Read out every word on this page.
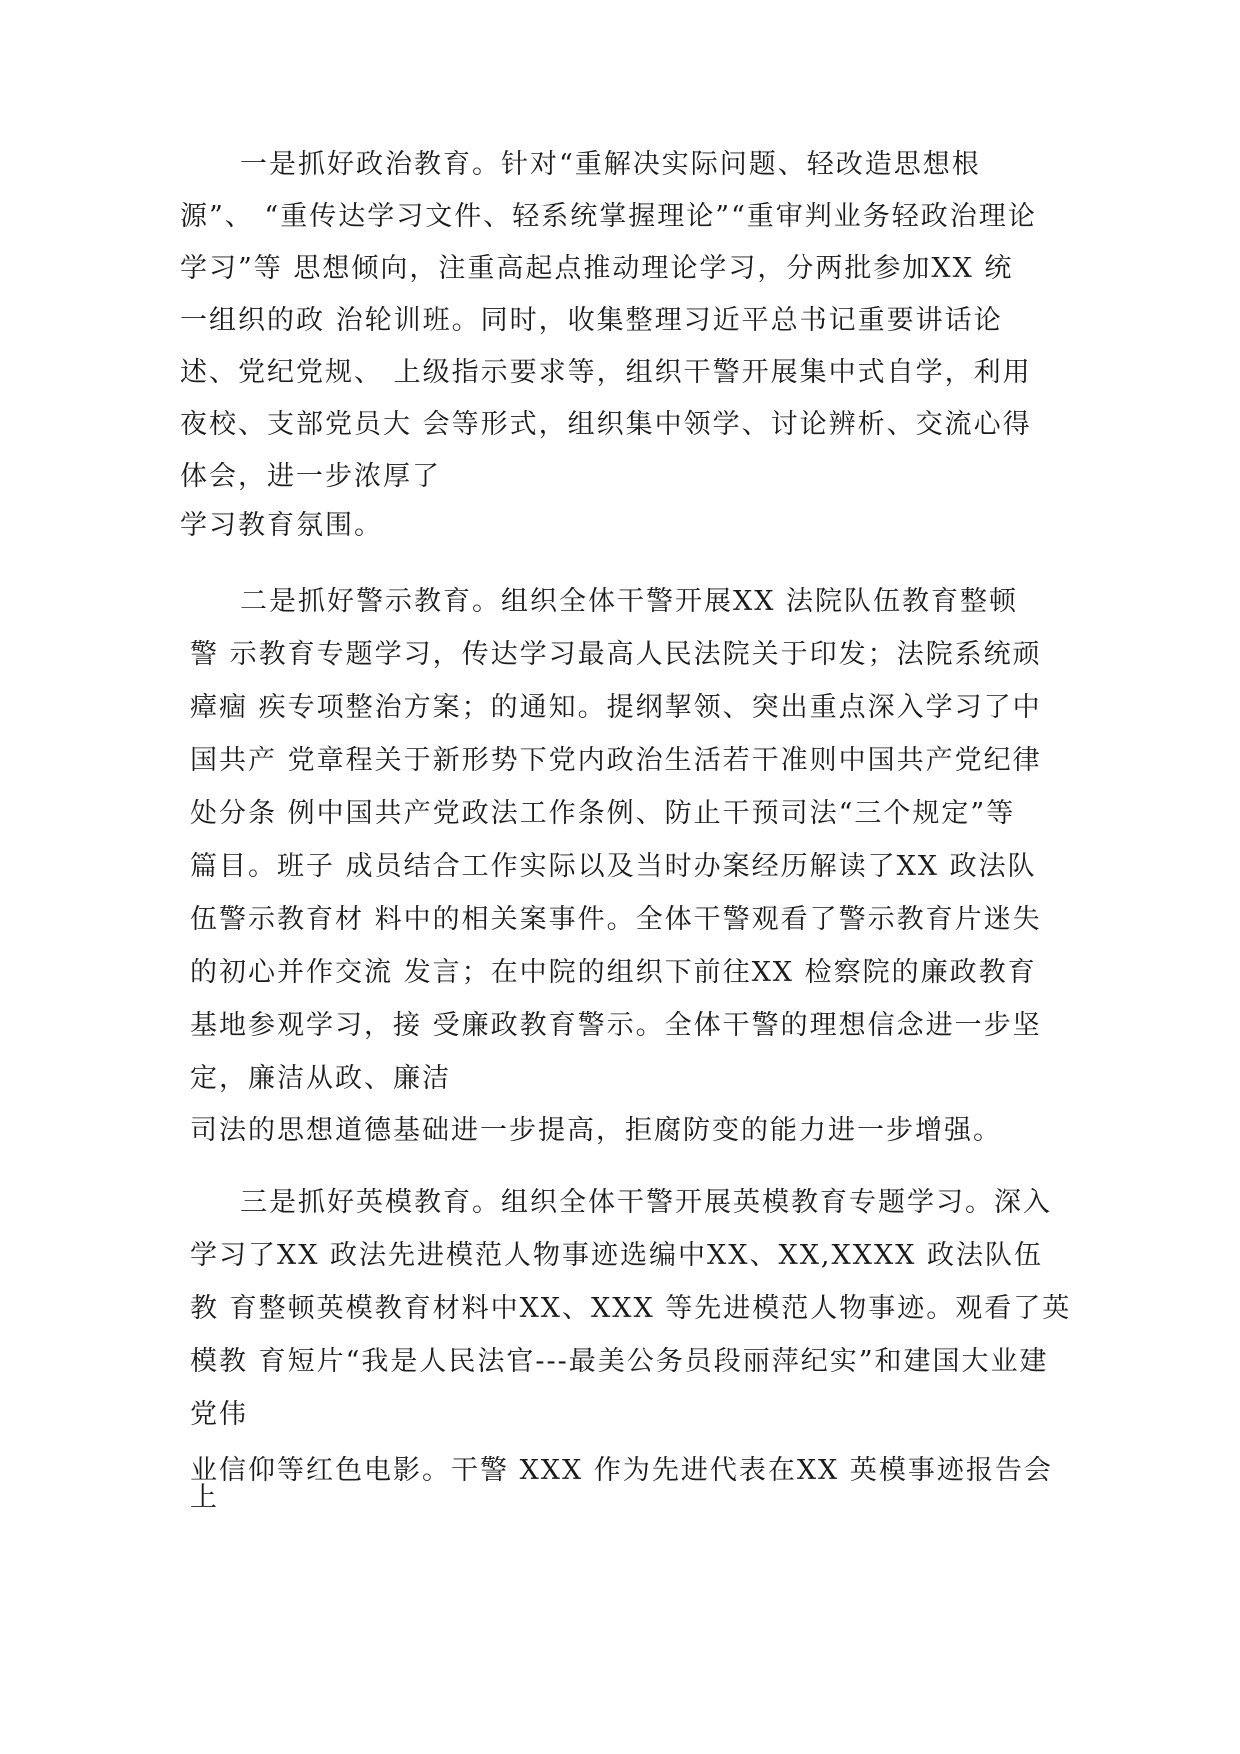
一是抓好政治教育。针对“重解决实际问题、轻改造思想根
源”、 “重传达学习文件、轻系统掌握理论”“重审判业务轻政治理论
学习”等 思想倾向，注重高起点推动理论学习，分两批参加XX 统
一组织的政 治轮训班。同时，收集整理习近平总书记重要讲话论
述、党纪党规、 上级指示要求等，组织干警开展集中式自学，利用
夜校、支部党员大 会等形式，组织集中领学、讨论辨析、交流心得
体会，进一步浓厚了
学习教育氛围。
二是抓好警示教育。组织全体干警开展XX 法院队伍教育整顿
警 示教育专题学习，传达学习最高人民法院关于印发；法院系统顽
瘴痼 疾专项整治方案；的通知。提纲挈领、突出重点深入学习了中
国共产 党章程关于新形势下党内政治生活若干准则中国共产党纪律
处分条 例中国共产党政法工作条例、防止干预司法“三个规定”等
篇目。班子 成员结合工作实际以及当时办案经历解读了XX 政法队
伍警示教育材 料中的相关案事件。全体干警观看了警示教育片迷失
的初心并作交流 发言；在中院的组织下前往XX 检察院的廉政教育
基地参观学习，接 受廉政教育警示。全体干警的理想信念进一步坚
定，廉洁从政、廉洁
司法的思想道德基础进一步提高，拒腐防变的能力进一步增强。
三是抓好英模教育。组织全体干警开展英模教育专题学习。深入
学习了XX 政法先进模范人物事迹选编中XX、XX,XXXX 政法队伍
教 育整顿英模教育材料中XX、XXX 等先进模范人物事迹。观看了英
模教 育短片“我是人民法官---最美公务员段丽萍纪实”和建国大业建
党伟
业信仰等红色电影。干警 XXX 作为先进代表在XX 英模事迹报告会
上
